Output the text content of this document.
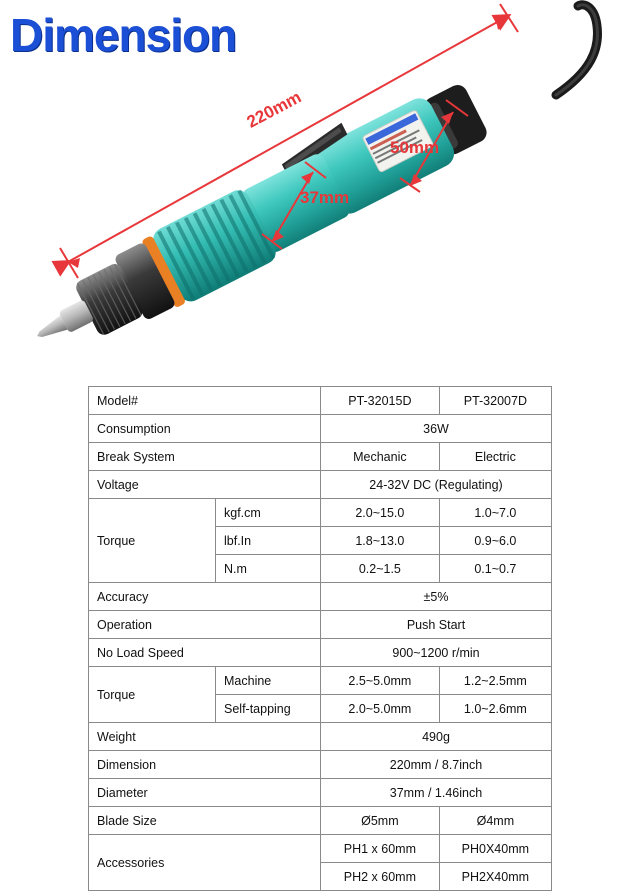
Dimension
220mm
50mm
37mm
Model#		PT-32015D	PT-32007D
Consumption		36W	
Break System		Mechanic	Electric
Voltage		24-32V DC (Regulating)	
Torque	kgf.cm	2.0~15.0	1.0~7.0
	lbf.In	1.8~13.0	0.9~6.0
	N.m	0.2~1.5	0.1~0.7
Accuracy		±5%	
Operation		Push Start	
No Load Speed		900~1200 r/min	
Torque	Machine	2.5~5.0mm	1.2~2.5mm
	Self-tapping	2.0~5.0mm	1.0~2.6mm
Weight		490g	
Dimension		220mm / 8.7inch	
Diameter		37mm / 1.46inch	
Blade Size		Ø5mm	Ø4mm
Accessories		PH1 x 60mm	PH0X40mm
		PH2 x 60mm	PH2X40mm
